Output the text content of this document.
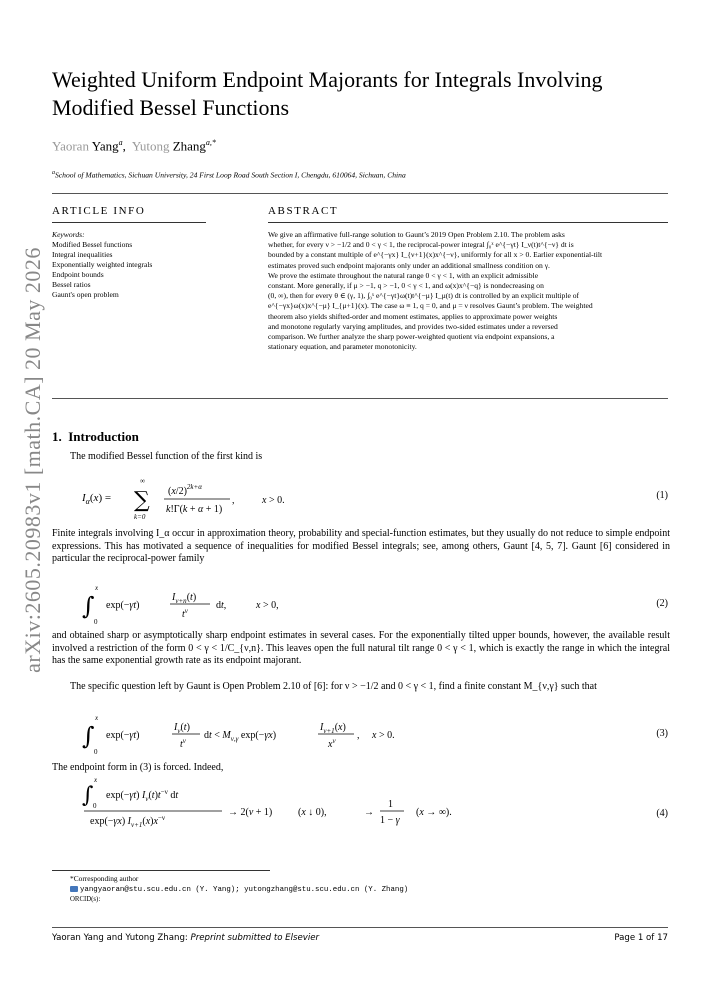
arXiv:2605.20983v1 [math.CA] 20 May 2026
Weighted Uniform Endpoint Majorants for Integrals Involving Modified Bessel Functions
Yaoran Yang$^a$,  Yutong Zhang$^{a,*}$
$^a$School of Mathematics, Sichuan University, 24 First Loop Road South Section I, Chengdu, 610064, Sichuan, China
ARTICLE INFO
Keywords:
Modified Bessel functions
Integral inequalities
Exponentially weighted integrals
Endpoint bounds
Bessel ratios
Gaunt's open problem
ABSTRACT
We give an affirmative full-range solution to Gaunt’s 2019 Open Problem 2.10. The problem asks
whether, for every ν > −1/2 and 0 < γ < 1, the reciprocal-power integral ∫₀ˣ e^{−γt} I_ν(t)t^{−ν} dt is
bounded by a constant multiple of e^{−γx} I_{ν+1}(x)x^{−ν}, uniformly for all x > 0. Earlier exponential-tilt
estimates proved such endpoint majorants only under an additional smallness condition on γ.
We prove the estimate throughout the natural range 0 < γ < 1, with an explicit admissible
constant. More generally, if μ > −1, q > −1, 0 < γ < 1, and ω(x)x^{−q} is nondecreasing on
(0, ∞), then for every θ ∈ (γ, 1), ∫₀ˣ e^{−γt}ω(t)t^{−μ} I_μ(t) dt is controlled by an explicit multiple of
e^{−γx}ω(x)x^{−μ} I_{μ+1}(x). The case ω ≡ 1, q = 0, and μ = ν resolves Gaunt’s problem. The weighted
theorem also yields shifted-order and moment estimates, applies to approximate power weights
and monotone regularly varying amplitudes, and provides two-sided estimates under a reversed
comparison. We further analyze the sharp power-weighted quotient via endpoint expansions, a
stationary equation, and parameter monotonicity.
1. Introduction
The modified Bessel function of the first kind is
$I_\alpha(x)$ =
∞
∑
k=0
$(x/2)^{2k+\alpha}$
k!Γ(k + α + 1)
,	x > 0.	(1)
Finite integrals involving I_α occur in approximation theory, probability and special-function estimates, but they usually do not reduce to simple endpoint expressions. This has motivated a sequence of inequalities for modified Bessel integrals; see, among others, Gaunt [4, 5, 7]. Gaunt [6] considered in particular the reciprocal-power family
∫
x
0
exp(−γt)
$I_{\nu+n}(t)$
$t^\nu$	dt,	x > 0,	(2)
and obtained sharp or asymptotically sharp endpoint estimates in several cases. For the exponentially tilted upper bounds, however, the available result involved a restriction of the form 0 < γ < 1/C_{ν,n}. This leaves open the full natural tilt range 0 < γ < 1, which is exactly the range in which the integral has the same exponential growth rate as its endpoint majorant.
The specific question left by Gaunt is Open Problem 2.10 of [6]: for ν > −1/2 and 0 < γ < 1, find a finite constant M_{ν,γ} such that
∫
x
0
exp(−γt)
$I_\nu(t)$
$t^\nu$ dt < $M_{\nu,\gamma}$ exp(−γx)
$I_{\nu+1}(x)$
$x^\nu$ , x > 0.	(3)
The endpoint form in (3) is forced. Indeed,
∫
x
0
exp(−γt) $I_\nu(t)t^{-\nu}$ dt
exp(−γx) $I_{\nu+1}(x)x^{-\nu}$	→ 2(ν + 1)	(x ↓ 0),	→
1
1 − γ
(x → ∞).	(4)
*Corresponding author
yangyaoran@stu.scu.edu.cn (Y. Yang); yutongzhang@stu.scu.edu.cn (Y. Zhang)
ORCID(s):
Yaoran Yang and Yutong Zhang: Preprint submitted to Elsevier	Page 1 of 17
